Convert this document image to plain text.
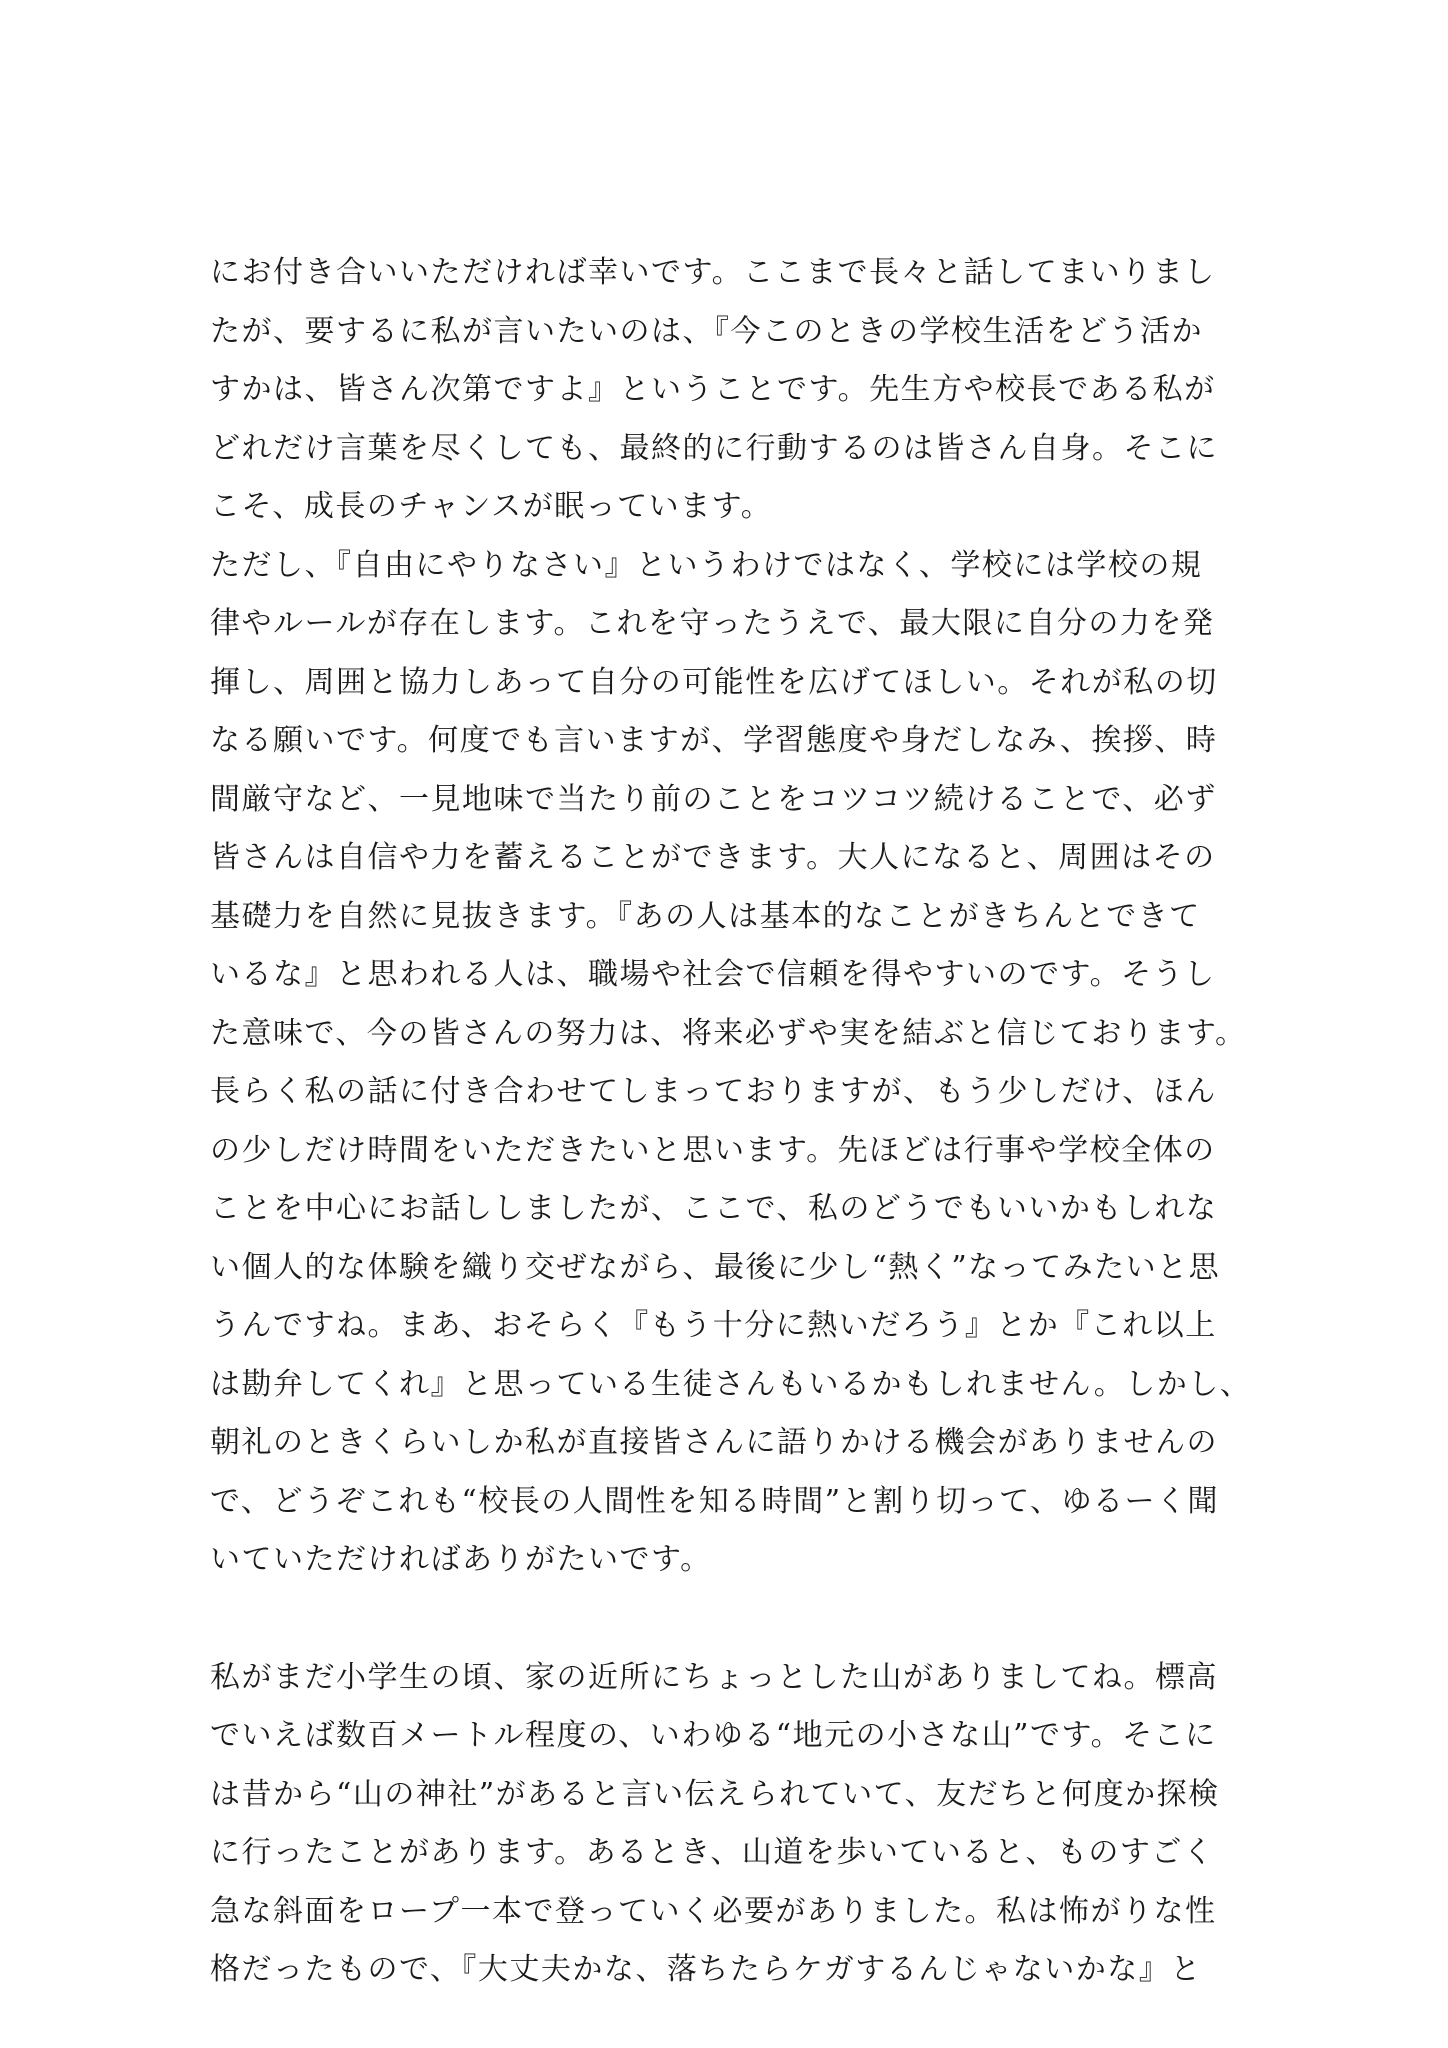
にお付き合いいただければ幸いです。ここまで長々と話してまいりまし
たが、要するに私が言いたいのは、『今このときの学校生活をどう活か
すかは、皆さん次第ですよ』ということです。先生方や校長である私が
どれだけ言葉を尽くしても、最終的に行動するのは皆さん自身。そこに
こそ、成長のチャンスが眠っています。
ただし、『自由にやりなさい』というわけではなく、学校には学校の規
律やルールが存在します。これを守ったうえで、最大限に自分の力を発
揮し、周囲と協力しあって自分の可能性を広げてほしい。それが私の切
なる願いです。何度でも言いますが、学習態度や身だしなみ、挨拶、時
間厳守など、一見地味で当たり前のことをコツコツ続けることで、必ず
皆さんは自信や力を蓄えることができます。大人になると、周囲はその
基礎力を自然に見抜きます。『あの人は基本的なことがきちんとできて
いるな』と思われる人は、職場や社会で信頼を得やすいのです。そうし
た意味で、今の皆さんの努力は、将来必ずや実を結ぶと信じております。
長らく私の話に付き合わせてしまっておりますが、もう少しだけ、ほん
の少しだけ時間をいただきたいと思います。先ほどは行事や学校全体の
ことを中心にお話ししましたが、ここで、私のどうでもいいかもしれな
い個人的な体験を織り交ぜながら、最後に少し“熱く”なってみたいと思
うんですね。まあ、おそらく『もう十分に熱いだろう』とか『これ以上
は勘弁してくれ』と思っている生徒さんもいるかもしれません。しかし、
朝礼のときくらいしか私が直接皆さんに語りかける機会がありませんの
で、どうぞこれも“校長の人間性を知る時間”と割り切って、ゆるーく聞
いていただければありがたいです。
私がまだ小学生の頃、家の近所にちょっとした山がありましてね。標高
でいえば数百メートル程度の、いわゆる“地元の小さな山”です。そこに
は昔から“山の神社”があると言い伝えられていて、友だちと何度か探検
に行ったことがあります。あるとき、山道を歩いていると、ものすごく
急な斜面をロープ一本で登っていく必要がありました。私は怖がりな性
格だったもので、『大丈夫かな、落ちたらケガするんじゃないかな』と
